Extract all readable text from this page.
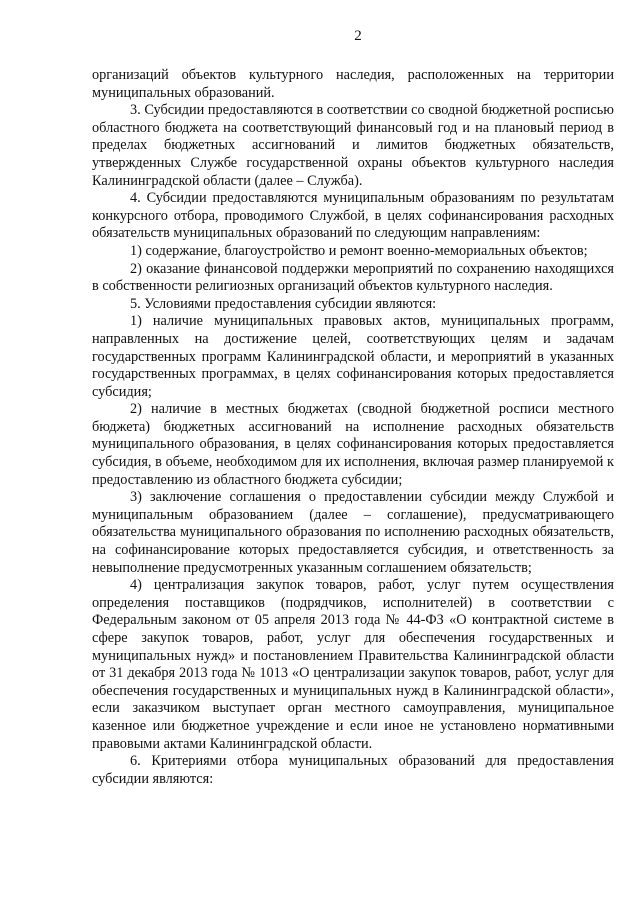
2

организаций объектов культурного наследия, расположенных на территории муниципальных образований.

3. Субсидии предоставляются в соответствии со сводной бюджетной росписью областного бюджета на соответствующий финансовый год и на плановый период в пределах бюджетных ассигнований и лимитов бюджетных обязательств, утвержденных Службе государственной охраны объектов культурного наследия Калининградской области (далее – Служба).

4. Субсидии предоставляются муниципальным образованиям по результатам конкурсного отбора, проводимого Службой, в целях софинансирования расходных обязательств муниципальных образований по следующим направлениям:

1) содержание, благоустройство и ремонт военно-мемориальных объектов;

2) оказание финансовой поддержки мероприятий по сохранению находящихся в собственности религиозных организаций объектов культурного наследия.

5. Условиями предоставления субсидии являются:

1) наличие муниципальных правовых актов, муниципальных программ, направленных на достижение целей, соответствующих целям и задачам государственных программ Калининградской области, и мероприятий в указанных государственных программах, в целях софинансирования которых предоставляется субсидия;

2) наличие в местных бюджетах (сводной бюджетной росписи местного бюджета) бюджетных ассигнований на исполнение расходных обязательств муниципального образования, в целях софинансирования которых предоставляется субсидия, в объеме, необходимом для их исполнения, включая размер планируемой к предоставлению из областного бюджета субсидии;

3) заключение соглашения о предоставлении субсидии между Службой и муниципальным образованием (далее – соглашение), предусматривающего обязательства муниципального образования по исполнению расходных обязательств, на софинансирование которых предоставляется субсидия, и ответственность за невыполнение предусмотренных указанным соглашением обязательств;

4) централизация закупок товаров, работ, услуг путем осуществления определения поставщиков (подрядчиков, исполнителей) в соответствии с Федеральным законом от 05 апреля 2013 года № 44-ФЗ «О контрактной системе в сфере закупок товаров, работ, услуг для обеспечения государственных и муниципальных нужд» и постановлением Правительства Калининградской области от 31 декабря 2013 года № 1013 «О централизации закупок товаров, работ, услуг для обеспечения государственных и муниципальных нужд в Калининградской области», если заказчиком выступает орган местного самоуправления, муниципальное казенное или бюджетное учреждение и если иное не установлено нормативными правовыми актами Калининградской области.

6. Критериями отбора муниципальных образований для предоставления субсидии являются:
